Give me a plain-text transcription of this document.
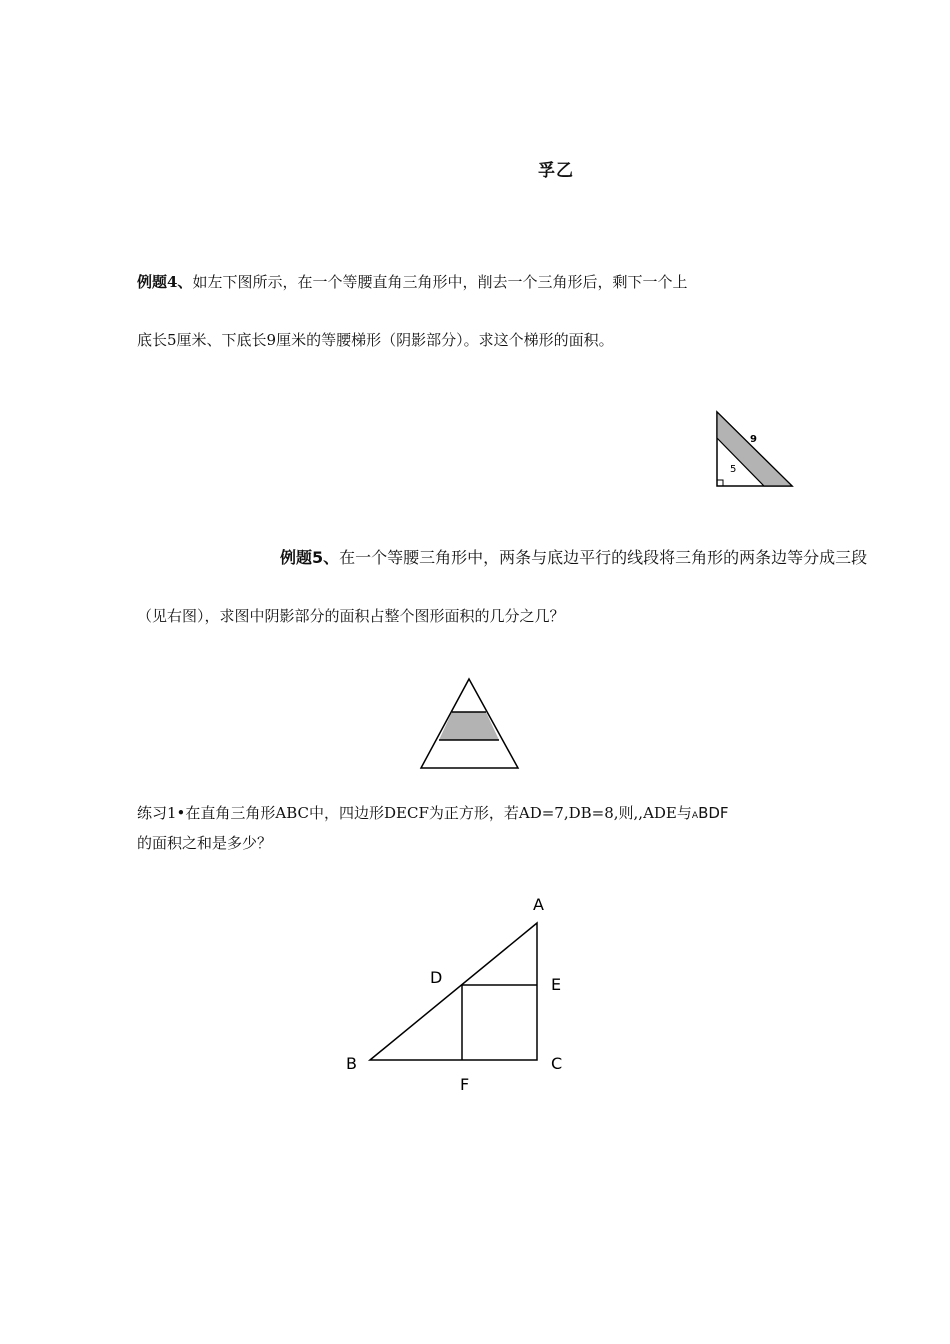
孚乙
例题4、如左下图所示，在一个等腰直角三角形中，削去一个三角形后，剩下一个上
底长5厘米、下底长9厘米的等腰梯形（阴影部分）。求这个梯形的面积。
9
5
例题5、在一个等腰三角形中，两条与底边平行的线段将三角形的两条边等分成三段
（见右图），求图中阴影部分的面积占整个图形面积的几分之几？
练习1•在直角三角形ABC中，四边形DECF为正方形，若AD=7,DB=8,则,,ADE与ABDF
的面积之和是多少？
A
B	C
D	E
F
